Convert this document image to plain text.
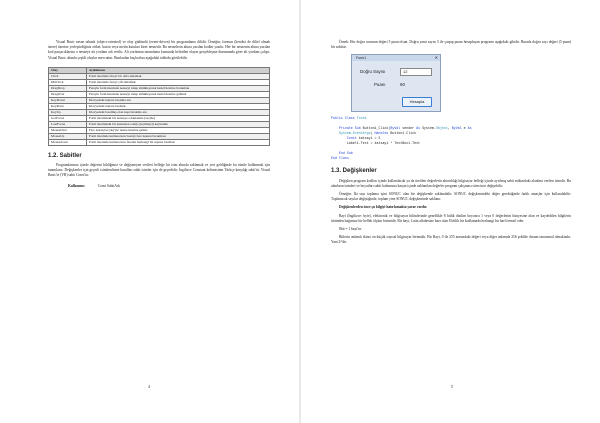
Visual Basic nesne tabanlı (object-oriented) ve olay güdümlü (event-driven) bir programlama dilidir. Örneğin; formun (kendisi de diltel olmak üzere) üzerine yerleştirdiğiniz etiket, buton veya metin kutuları birer nesnedir. Bu nesnelerin altına yazılan kodlar yazılır. Her bir nesnenin altına yazılan kod parçacıklarına o nesneye ait yordam adı verilir. Alt yordamın tanımlama kısmında belirtilen olayın gerçekleşme durumunda girer alt yordam çalışır. Visual Basic altında çeşitli olaylar mevcuttur. Bunlardan başlıcaları aşağıdaki tabloda görülebilir.

Olay	Açıklaması
Click	Form üzerinde fareyi bir defa tıklamak
DblClick	Form üzerinde fareyi çift tıklamak
DragDrop	Fareyle form üzerinde nesneyi tutup sürükleyerek hedef üzerine bırakmak
DragOver	Fareyle form üzerinde nesneyi tutup sürükleyerek hedef üzerine gelmek
KeyDown	Klavyedeki tuşlara basılma anı
KeyPress	Klavyedeki tuşlara basmak
KeyUp	Klavyedeki basılmış olan tuşu bırakma anı
GotFocus	Form üzerindeki bir nesneye odaklanma (seçme)
LostFocus	Form üzerindeki bir nesneden odağı (seçilmeyi) kaybetme
MouseOver	Fare işaretçisi (ok)'yle nesne üzerine gelme
MouseUp	Form üzerinde kullanıcının bastığı fare tuşunu bırakması
Mousedown	Form üzerinde kullanıcının farenin herhangi bir tuşuna basması
1.2. Sabitler

Programlarımız içinde değerini bildiğimiz ve değişmeyen verileri belleğe bir isim altında saklamak ve yeri geldiğinde bu isimle kullanmak için tanımlarız. Değişkenler için geçerli isimlendirme kuralları sabit isimler için de geçerlidir. İngilizce Constant kelimesinin Türkçe karşılığı sabit'tir. Visual Basic'te (VB) sabit Const'tır.

Kullanımı:	Const SabitAdı
4

Örnek: Her doğru sorunun değeri 5 puan olsun. Doğru yanıt sayısı 5 ile çarpıp puanı hesaplayan programı aşağıdaki gibidir. Burada doğru sayı değeri (5 puan) bir sabittir.

Form1	✕
Doğru Sayısı	12
Puanı	60
Hesapla
Public Class Form1

Private Sub Button1_Click(ByVal sender As System.Object, ByVal e As
System.EventArgs) Handles Button1.Click
Const katsayi = 5
Label1.Text = katsayi * TextBox1.Text

End Sub
End Class
1.3. Değişkenler

Değişken program kodları içinde kullanılacak ya da üretilen değerlerin aktarıldığı bilgisayar belleği içinde ayrılmış sabit miktardaki alanlara verilen isimdir. Bu alanların isimleri ve boyutları sabit kalmasına karşın içinde saklanılan değerler program çalışması sürecince değişebilir.

Örneğin: İki sayı toplama işini SONUC olan bir değişkende saklanabilir. SONUC değişkenindeki değer gerektiğinde farklı amaçlar için kullanılabilir. Toplanacak sayılar değiştiğinde, toplam yine SONUC değişkeninde saklanır.

Değişkenlerden önce şu bilgiyi hatırlamakta yarar vardır.

Bayt (İngilizce: byte), elektronik ve bilgisayar bilimlerinde genellikle 8 bitlik dizilim boyunca 1 veya 0 değerlerini bünyesine alan ve kaydedilen bilgilerin türünden bağımsız bir bellek ölçüm birimidir. Bir bayt, Latin alfabesine bazı olan 8 bitlik bir kodlamada herhangi bir harfi temsil eder.

8bit = 1 bayt'tır.

Bitlerin anlamlı ikinci en küçük sayısal bilgisayar birimidir. Bir Bayt, 0 ile 255 arasındaki değeri veya diğer anlamda 256 şekilde durum tanıtımsal olmaktadır. Yani 2⁸'dir.

5
